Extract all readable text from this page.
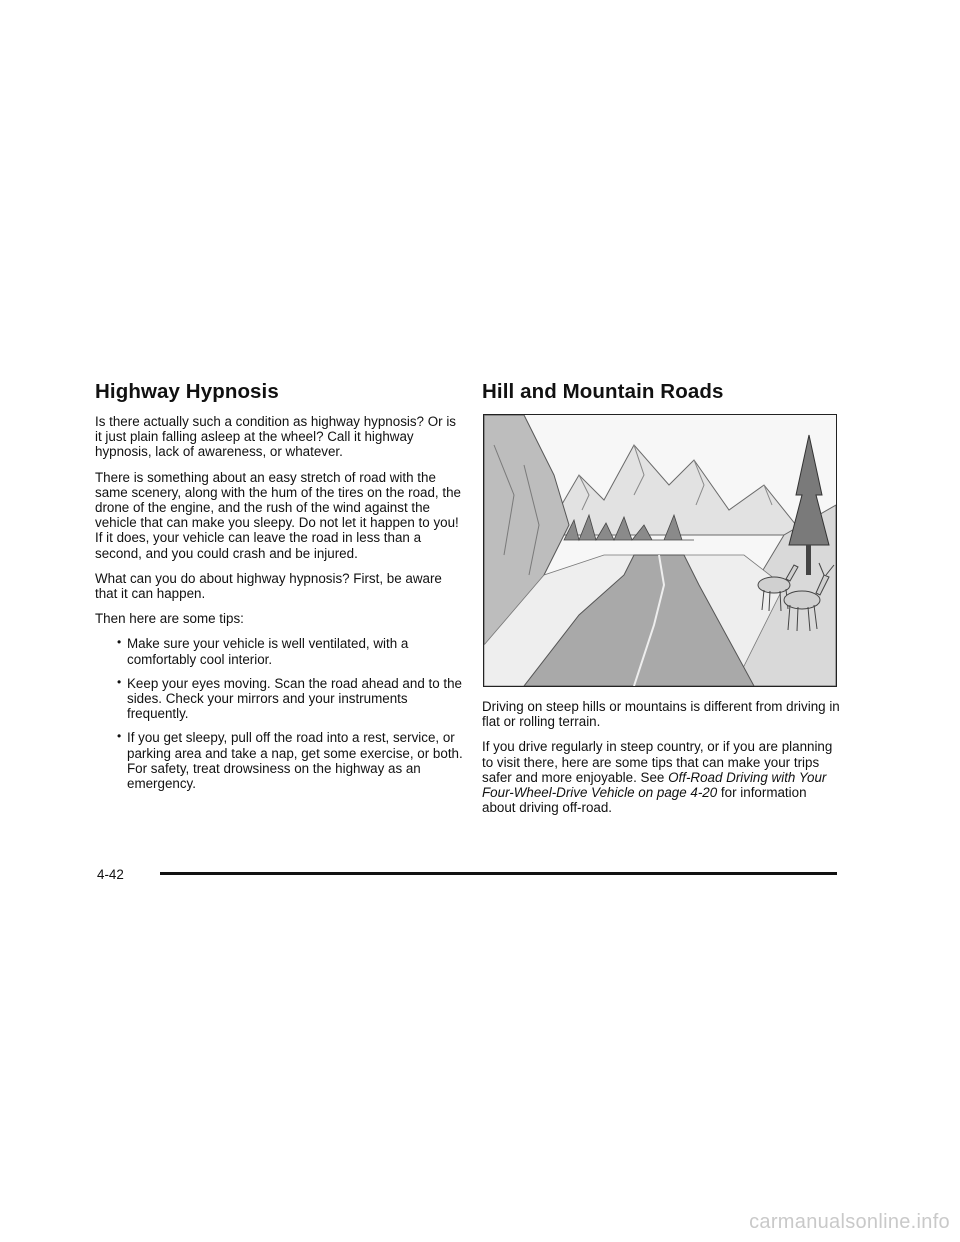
Highway Hypnosis

Is there actually such a condition as highway hypnosis? Or is it just plain falling asleep at the wheel? Call it highway hypnosis, lack of awareness, or whatever.

There is something about an easy stretch of road with the same scenery, along with the hum of the tires on the road, the drone of the engine, and the rush of the wind against the vehicle that can make you sleepy. Do not let it happen to you! If it does, your vehicle can leave the road in less than a second, and you could crash and be injured.

What can you do about highway hypnosis? First, be aware that it can happen.

Then here are some tips:

• Make sure your vehicle is well ventilated, with a comfortably cool interior.
• Keep your eyes moving. Scan the road ahead and to the sides. Check your mirrors and your instruments frequently.
• If you get sleepy, pull off the road into a rest, service, or parking area and take a nap, get some exercise, or both. For safety, treat drowsiness on the highway as an emergency.
Hill and Mountain Roads

Driving on steep hills or mountains is different from driving in flat or rolling terrain.

If you drive regularly in steep country, or if you are planning to visit there, here are some tips that can make your trips safer and more enjoyable. See Off-Road Driving with Your Four-Wheel-Drive Vehicle on page 4-20 for information about driving off-road.

4-42
carmanualsonline.info
